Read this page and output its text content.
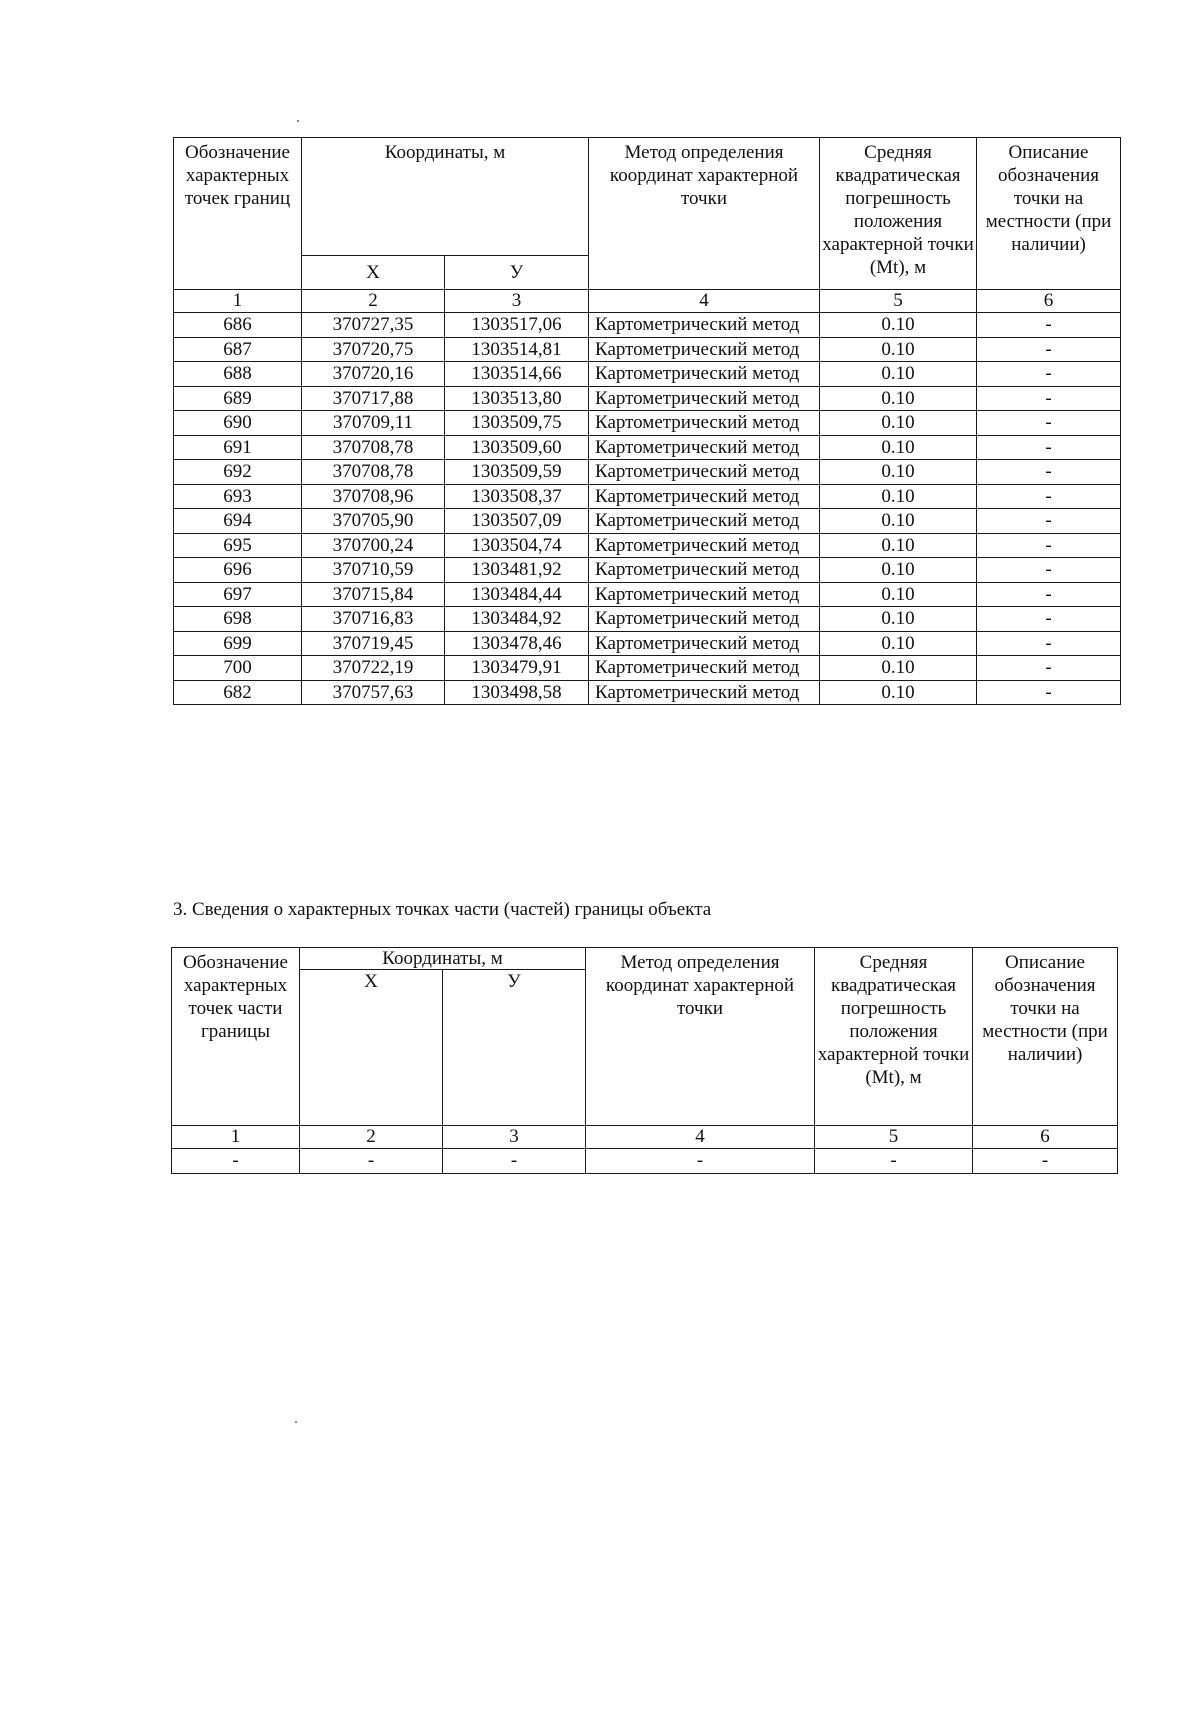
Обозначение характерных точек границ	Координаты, м		Метод определения координат характерной точки	Средняя квадратическая погрешность положения характерной точки (Mt), м	Описание обозначения точки на местности (при наличии)
	Х	У			
1	2	3	4	5	6
686	370727,35	1303517,06	Картометрический метод	0.10	-
687	370720,75	1303514,81	Картометрический метод	0.10	-
688	370720,16	1303514,66	Картометрический метод	0.10	-
689	370717,88	1303513,80	Картометрический метод	0.10	-
690	370709,11	1303509,75	Картометрический метод	0.10	-
691	370708,78	1303509,60	Картометрический метод	0.10	-
692	370708,78	1303509,59	Картометрический метод	0.10	-
693	370708,96	1303508,37	Картометрический метод	0.10	-
694	370705,90	1303507,09	Картометрический метод	0.10	-
695	370700,24	1303504,74	Картометрический метод	0.10	-
696	370710,59	1303481,92	Картометрический метод	0.10	-
697	370715,84	1303484,44	Картометрический метод	0.10	-
698	370716,83	1303484,92	Картометрический метод	0.10	-
699	370719,45	1303478,46	Картометрический метод	0.10	-
700	370722,19	1303479,91	Картометрический метод	0.10	-
682	370757,63	1303498,58	Картометрический метод	0.10	-
3. Сведения о характерных точках части (частей) границы объекта
Обозначение характерных точек части границы	Координаты, м		Метод определения координат характерной точки	Средняя квадратическая погрешность положения характерной точки (Mt), м	Описание обозначения точки на местности (при наличии)
	Х	У			
1	2	3	4	5	6
-	-	-	-	-	-
